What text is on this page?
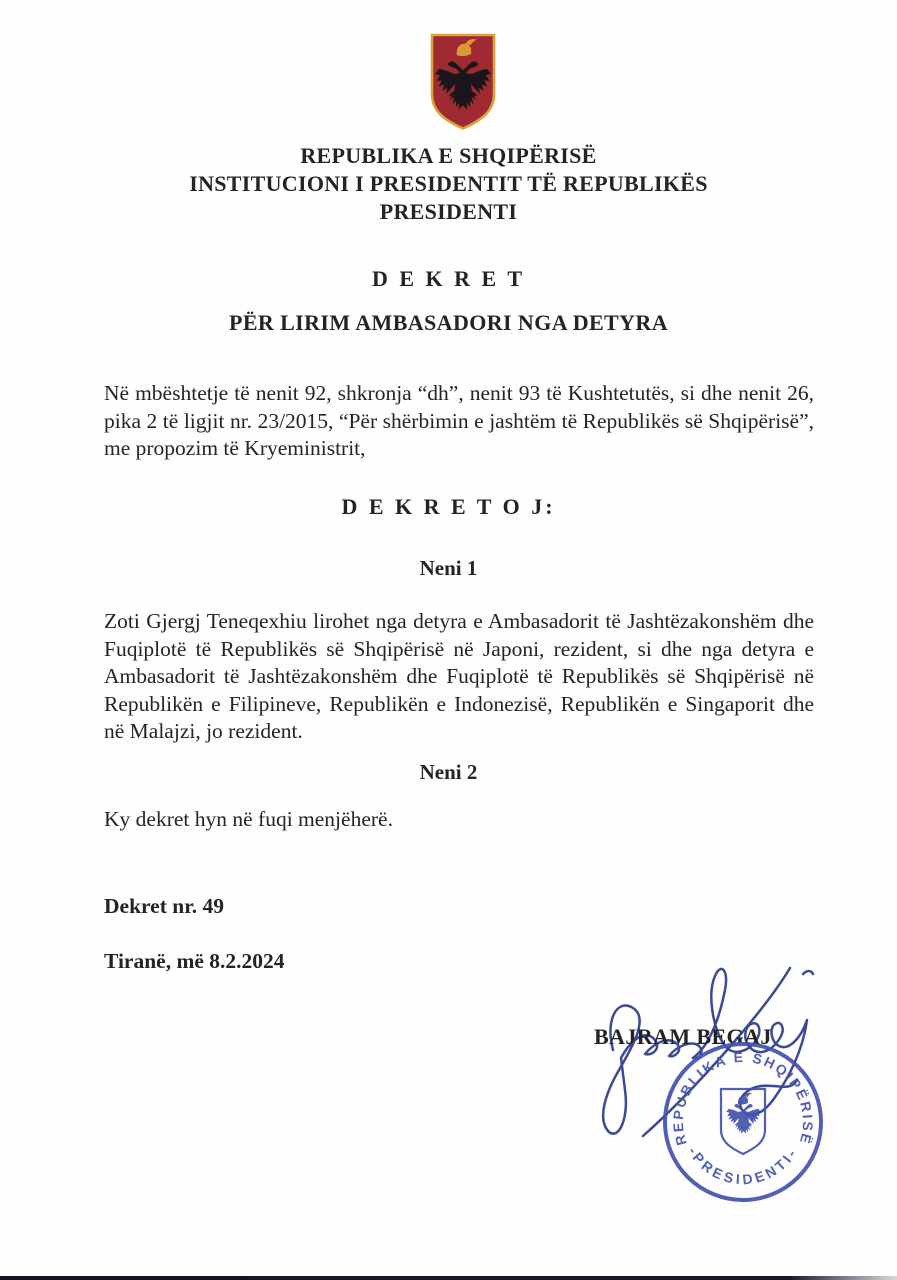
REPUBLIKA E SHQIPËRISË
INSTITUCIONI I PRESIDENTIT TË REPUBLIKËS
PRESIDENTI
D E K R E T
PËR LIRIM AMBASADORI NGA DETYRA
Në mbështetje të nenit 92, shkronja “dh”, nenit 93 të Kushtetutës, si dhe nenit 26, pika 2 të ligjit nr. 23/2015, “Për shërbimin e jashtëm të Republikës së Shqipërisë”, me propozim të Kryeministrit,
D E K R E T O J:
Neni 1
Zoti Gjergj Teneqexhiu lirohet nga detyra e Ambasadorit të Jashtëzakonshëm dhe Fuqiplotë të Republikës së Shqipërisë në Japoni, rezident, si dhe nga detyra e Ambasadorit të Jashtëzakonshëm dhe Fuqiplotë të Republikës së Shqipërisë në Republikën e Filipineve, Republikën e Indonezisë, Republikën e Singaporit dhe në Malajzi, jo rezident.
Neni 2
Ky dekret hyn në fuqi menjëherë.
Dekret nr. 49
Tiranë, më 8.2.2024
BAJRAM BEGAJ
REPUBLIKA E SHQIPËRISË
-PRESIDENTI-
